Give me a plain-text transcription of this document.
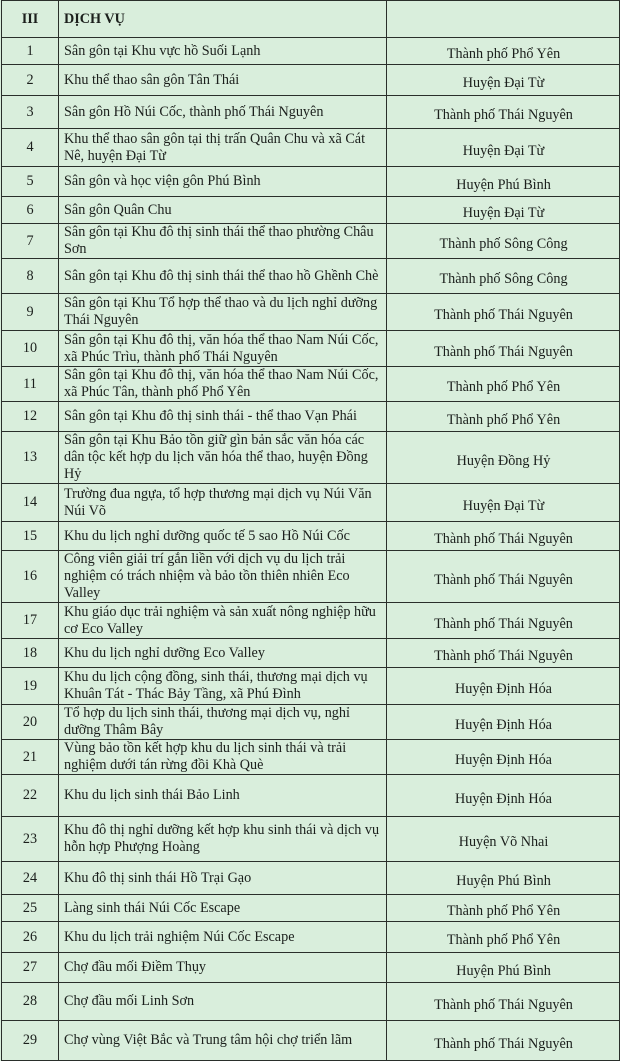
III	DỊCH VỤ	
1	Sân gôn tại Khu vực hồ Suối Lạnh	Thành phố Phổ Yên
2	Khu thể thao sân gôn Tân Thái	Huyện Đại Từ
3	Sân gôn Hồ Núi Cốc, thành phố Thái Nguyên	Thành phố Thái Nguyên
4	Khu thể thao sân gôn tại thị trấn Quân Chu và xã Cát Nê, huyện Đại Từ	Huyện Đại Từ
5	Sân gôn và học viện gôn Phú Bình	Huyện Phú Bình
6	Sân gôn Quân Chu	Huyện Đại Từ
7	Sân gôn tại Khu đô thị sinh thái thể thao phường Châu Sơn	Thành phố Sông Công
8	Sân gôn tại Khu đô thị sinh thái thể thao hồ Ghềnh Chè	Thành phố Sông Công
9	Sân gôn tại Khu Tổ hợp thể thao và du lịch nghỉ dưỡng Thái Nguyên	Thành phố Thái Nguyên
10	Sân gôn tại Khu đô thị, văn hóa thể thao Nam Núi Cốc, xã Phúc Trìu, thành phố Thái Nguyên	Thành phố Thái Nguyên
11	Sân gôn tại Khu đô thị, văn hóa thể thao Nam Núi Cốc, xã Phúc Tân, thành phố Phổ Yên	Thành phố Phổ Yên
12	Sân gôn tại Khu đô thị sinh thái - thể thao Vạn Phái	Thành phố Phổ Yên
13	Sân gôn tại Khu Bảo tồn giữ gìn bản sắc văn hóa các dân tộc kết hợp du lịch văn hóa thể thao, huyện Đồng Hỷ	Huyện Đồng Hỷ
14	Trường đua ngựa, tổ hợp thương mại dịch vụ Núi Văn Núi Võ	Huyện Đại Từ
15	Khu du lịch nghỉ dưỡng quốc tế 5 sao Hồ Núi Cốc	Thành phố Thái Nguyên
16	Công viên giải trí gắn liền với dịch vụ du lịch trải nghiệm có trách nhiệm và bảo tồn thiên nhiên Eco Valley	Thành phố Thái Nguyên
17	Khu giáo dục trải nghiệm và sản xuất nông nghiệp hữu cơ Eco Valley	Thành phố Thái Nguyên
18	Khu du lịch nghỉ dưỡng Eco Valley	Thành phố Thái Nguyên
19	Khu du lịch cộng đồng, sinh thái, thương mại dịch vụ Khuân Tát - Thác Bảy Tầng, xã Phú Đình	Huyện Định Hóa
20	Tổ hợp du lịch sinh thái, thương mại dịch vụ, nghỉ dưỡng Thâm Bây	Huyện Định Hóa
21	Vùng bảo tồn kết hợp khu du lịch sinh thái và trải nghiệm dưới tán rừng đồi Khà Què	Huyện Định Hóa
22	Khu du lịch sinh thái Bảo Linh	Huyện Định Hóa
23	Khu đô thị nghỉ dưỡng kết hợp khu sinh thái và dịch vụ hỗn hợp Phượng Hoàng	Huyện Võ Nhai
24	Khu đô thị sinh thái Hồ Trại Gạo	Huyện Phú Bình
25	Làng sinh thái Núi Cốc Escape	Thành phố Phổ Yên
26	Khu du lịch trải nghiệm Núi Cốc Escape	Thành phố Phổ Yên
27	Chợ đầu mối Điềm Thụy	Huyện Phú Bình
28	Chợ đầu mối Linh Sơn	Thành phố Thái Nguyên
29	Chợ vùng Việt Bắc và Trung tâm hội chợ triển lãm	Thành phố Thái Nguyên
